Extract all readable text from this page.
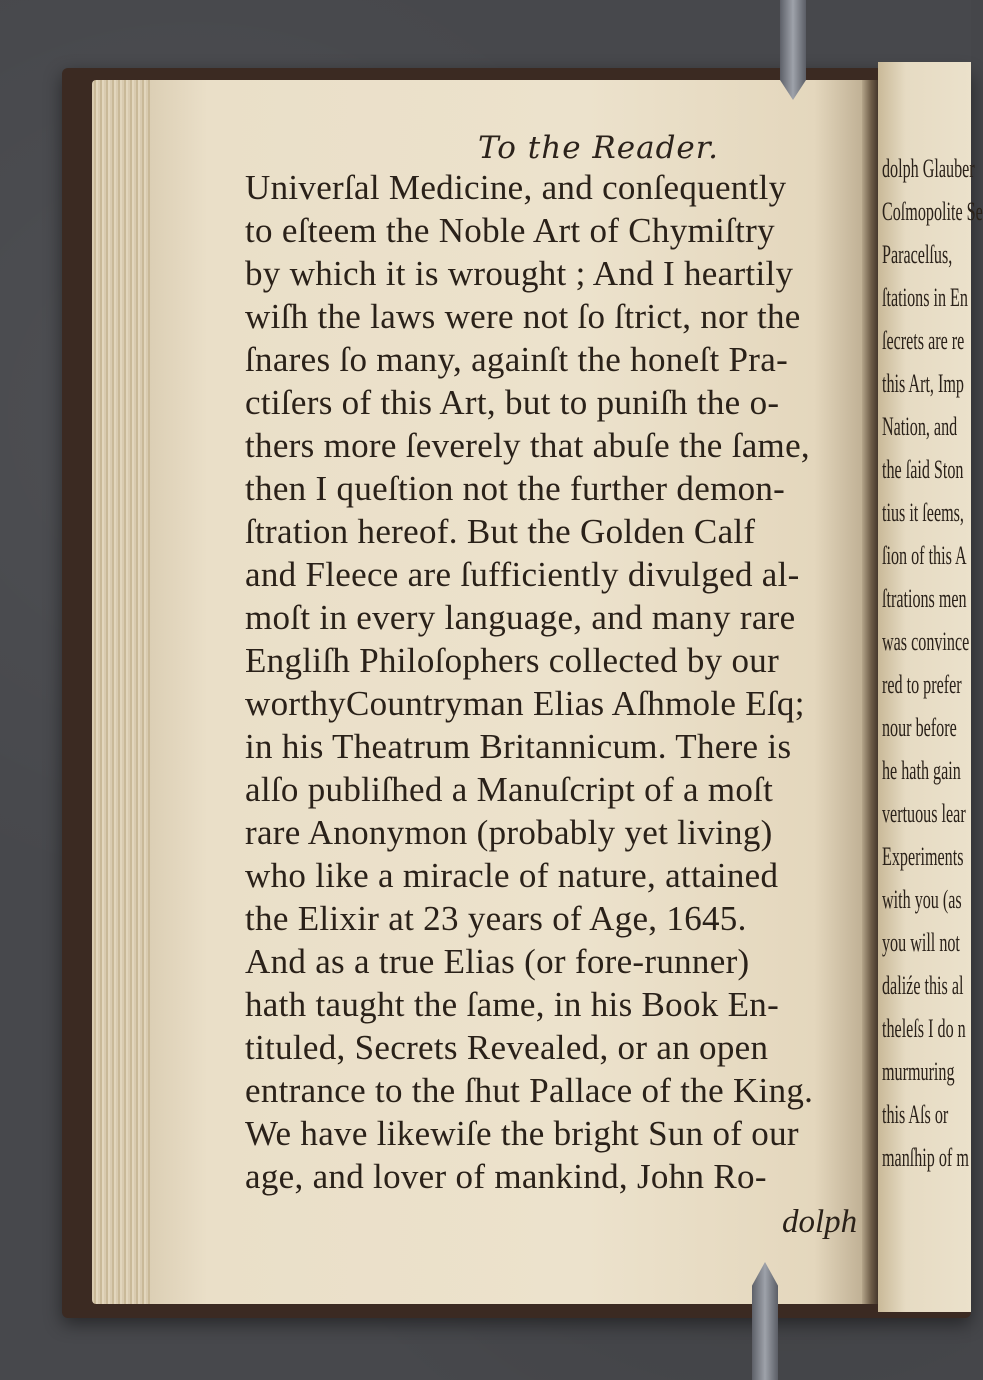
dolph Glauber
Coſmopolite Se
Paracelſus,
ſtations in En
ſecrets are re
this Art, Imp
Nation, and
the ſaid Ston
tius it ſeems,
ſion of this A
ſtrations men
was convince
red to prefer
nour before
he hath gain
vertuous lear
Experiments
with you (as
you will not
daliźe this al
theleſs I do n
murmuring
this Aſs or
manſhip of m
To the Reader.
Univerſal Medicine, and conſequently
to eſteem the Noble Art of Chymiſtry
by which it is wrought ; And I heartily
wiſh the laws were not ſo ſtrict, nor the
ſnares ſo many, againſt the honeſt Pra-
ctiſers of this Art, but to puniſh the o-
thers more ſeverely that abuſe the ſame,
then I queſtion not the further demon-
ſtration hereof. But the Golden Calf
and Fleece are ſufficiently divulged al-
moſt in every language, and many rare
Engliſh Philoſophers collected by our
worthyCountryman Elias Aſhmole Eſq;
in his Theatrum Britannicum. There is
alſo publiſhed a Manuſcript of a moſt
rare Anonymon (probably yet living)
who like a miracle of nature, attained
the Elixir at 23 years of Age, 1645.
And as a true Elias (or fore-runner)
hath taught the ſame, in his Book En-
tituled, Secrets Revealed, or an open
entrance to the ſhut Pallace of the King.
We have likewiſe the bright Sun of our
age, and lover of mankind, John Ro-
dolph
